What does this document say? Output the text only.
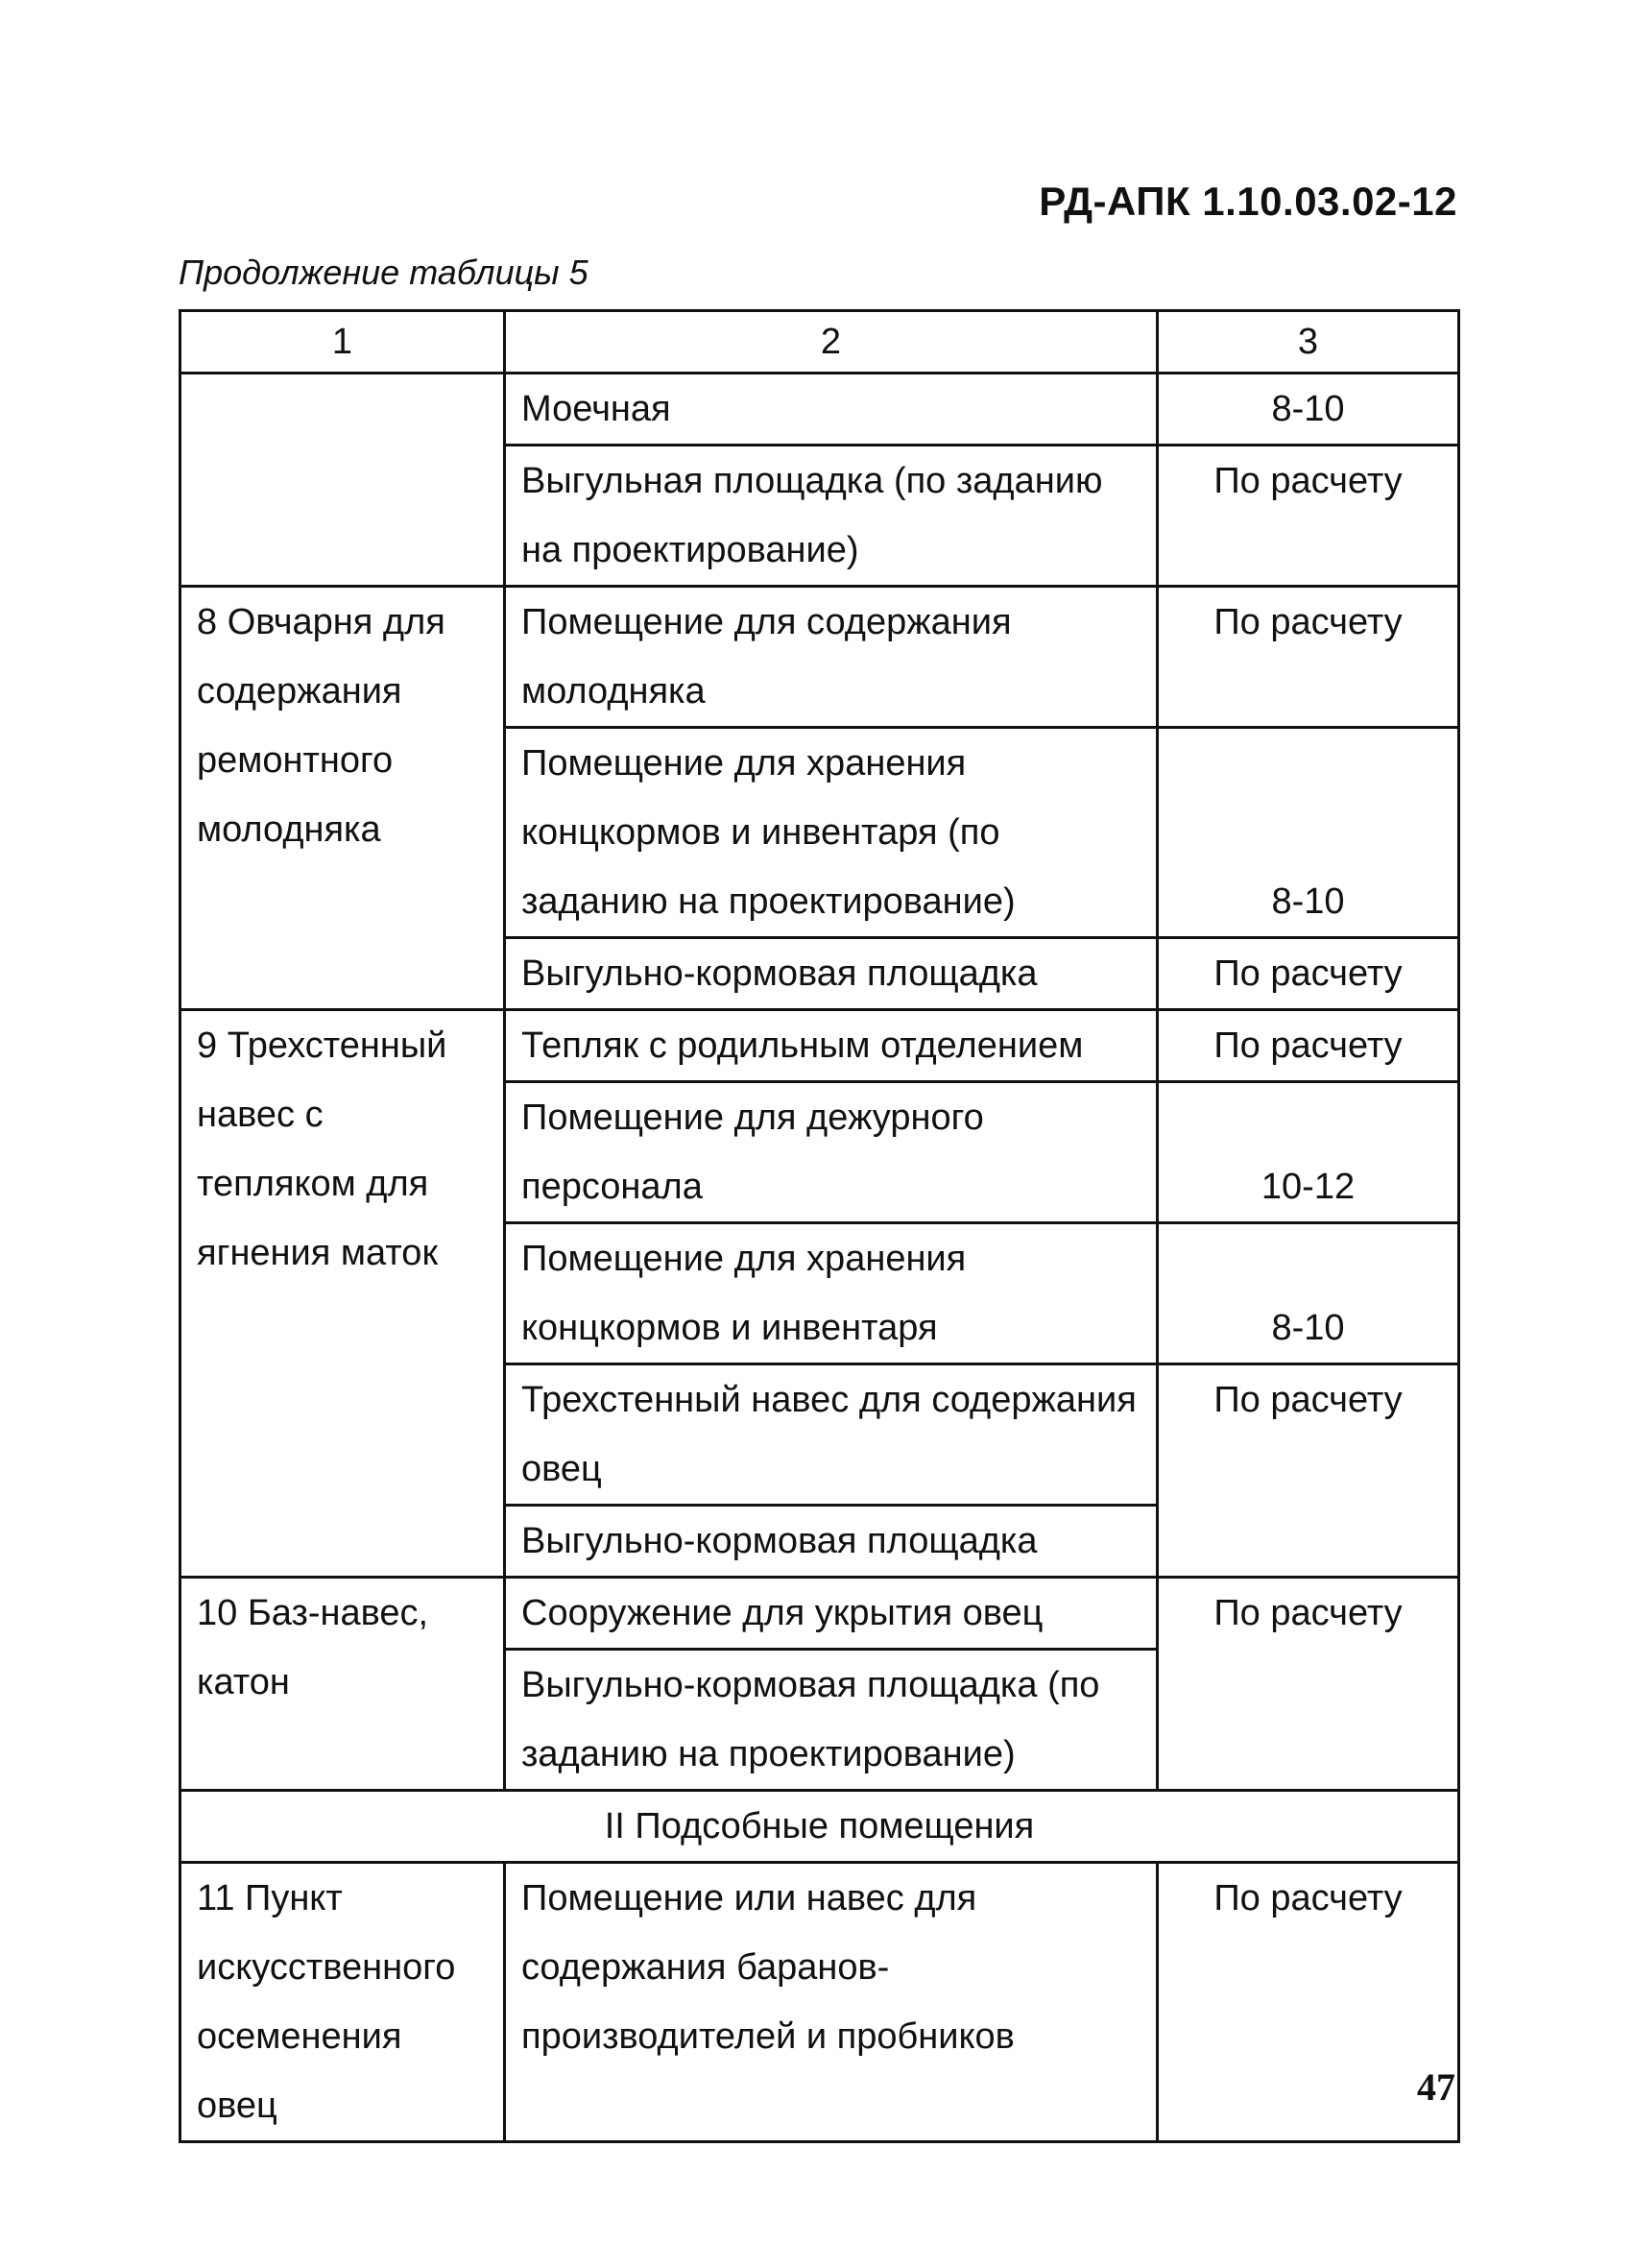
РД-АПК 1.10.03.02-12
Продолжение таблицы 5
1	2	3
	Моечная	8-10
	Выгульная площадка (по заданию на проектирование)	По расчету
8 Овчарня для содержания ремонтного молодняка	Помещение для содержания молодняка	По расчету
	Помещение для хранения концкормов и инвентаря (по заданию на проектирование)	8-10
	Выгульно-кормовая площадка	По расчету
9 Трехстенный навес с тепляком для ягнения маток	Тепляк с родильным отделением	По расчету
	Помещение для дежурного персонала	10-12
	Помещение для хранения концкормов и инвентаря	8-10
	Трехстенный навес для содержания овец	По расчету
	Выгульно-кормовая площадка	
10 Баз-навес, катон	Сооружение для укрытия овец	По расчету
	Выгульно-кормовая площадка (по заданию на проектирование)	
II Подсобные помещения		
11 Пункт искусственного осеменения овец	Помещение или навес для содержания баранов-производителей и пробников	По расчету
47
